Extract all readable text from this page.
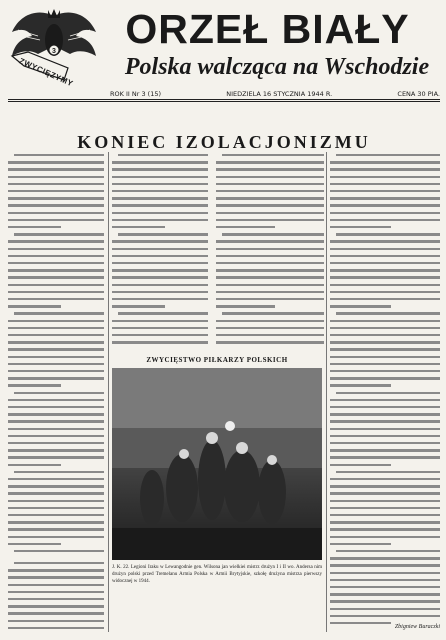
3
ZWYCIĘZYMY
ORZEŁ BIAŁY
Polska walcząca na Wschodzie
ROK II Nr 3 (15)	NIEDZIELA 16 STYCZNIA 1944 R.	CENA 30 PIA.
KONIEC IZOLACJONIZMU
Zbigniew Buraczki
ZWYCIĘSTWO PIŁKARZY POLSKICH
J. K. 22. Legioni Iraku w Lewangodnie gen. Wilsona jan wielkiei mistrz drużyn I i II wo. Andersa nim drużyn polski przed Tremelanu Armia Polska w Armii Brytyjskie, szkołę drużyna mistrza pierwszy widocznej w 1944.
